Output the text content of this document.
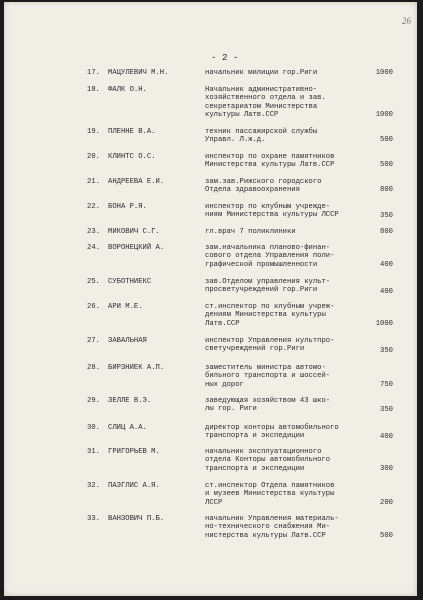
26
- 2 -
17. МАЦУЛЕВИЧ М.Н.	начальник милиции гор.Риги	1000
18. ФАЛК О.Н.	Начальник административно-
хозяйственного отдела и зав.
секретариатом Министерства
культуры Латв.ССР	1000
19. ПЛЕННЕ В.А.	техник пассажирской службы
Управл. Л.ж.д.	500
20. КЛИНТС О.С.	инспектор по охране памятников
Министерства культуры Латв.ССР	500
21. АНДРЕЕВА Е.И.	зам.зав.Рижского городского
Отдела здравоохранения	800
22. БОНА Р.Я.	инспектор по клубным учрежде-
ниям Министерства культуры ЛССР	350
23. МИКОВИЧ С.Г.	гл.врач 7 поликлиники	800
24. ВОРОНЕЦКИЙ А.	зам.начальника планово-финан-
сового отдела Управления поли-
графической промышленности	400
25. СУБОТНИЕКС	зав.Отделом управления культ-
просветучреждений гор.Риги	400
26. АРИ М.Е.	ст.инспектор по клубным учреж-
дениям Министерства культуры
Латв.ССР	1000
27. ЗАВАЛЬНАЯ	инспектор Управления культпро-
светучреждений гор.Риги	350
28. БИРЗНИЕК А.П.	заместитель министра автомо-
бильного транспорта и шоссей-
ных дорог	750
29. ЗЕЛЛЕ В.Э.	заведующая хозяйством 43 шко-
лы гор. Риги	350
30. СЛИЦ А.А.	директор конторы автомобильного
транспорта и экспедиции	400
31. ГРИГОРЬЕВ М.	начальник эксплуатационного
отдела Конторы автомобильного
транспорта и экспедиции	300
32. ПАЭГЛИС А.Я.	ст.инспектор Отдела памятников
и музеев Министерства культуры
ЛССР	200
33. ВАНЗОВИЧ П.Б.	начальник Управления материаль-
но-технического снабжения Ми-
нистерства культуры Латв.ССР	500
